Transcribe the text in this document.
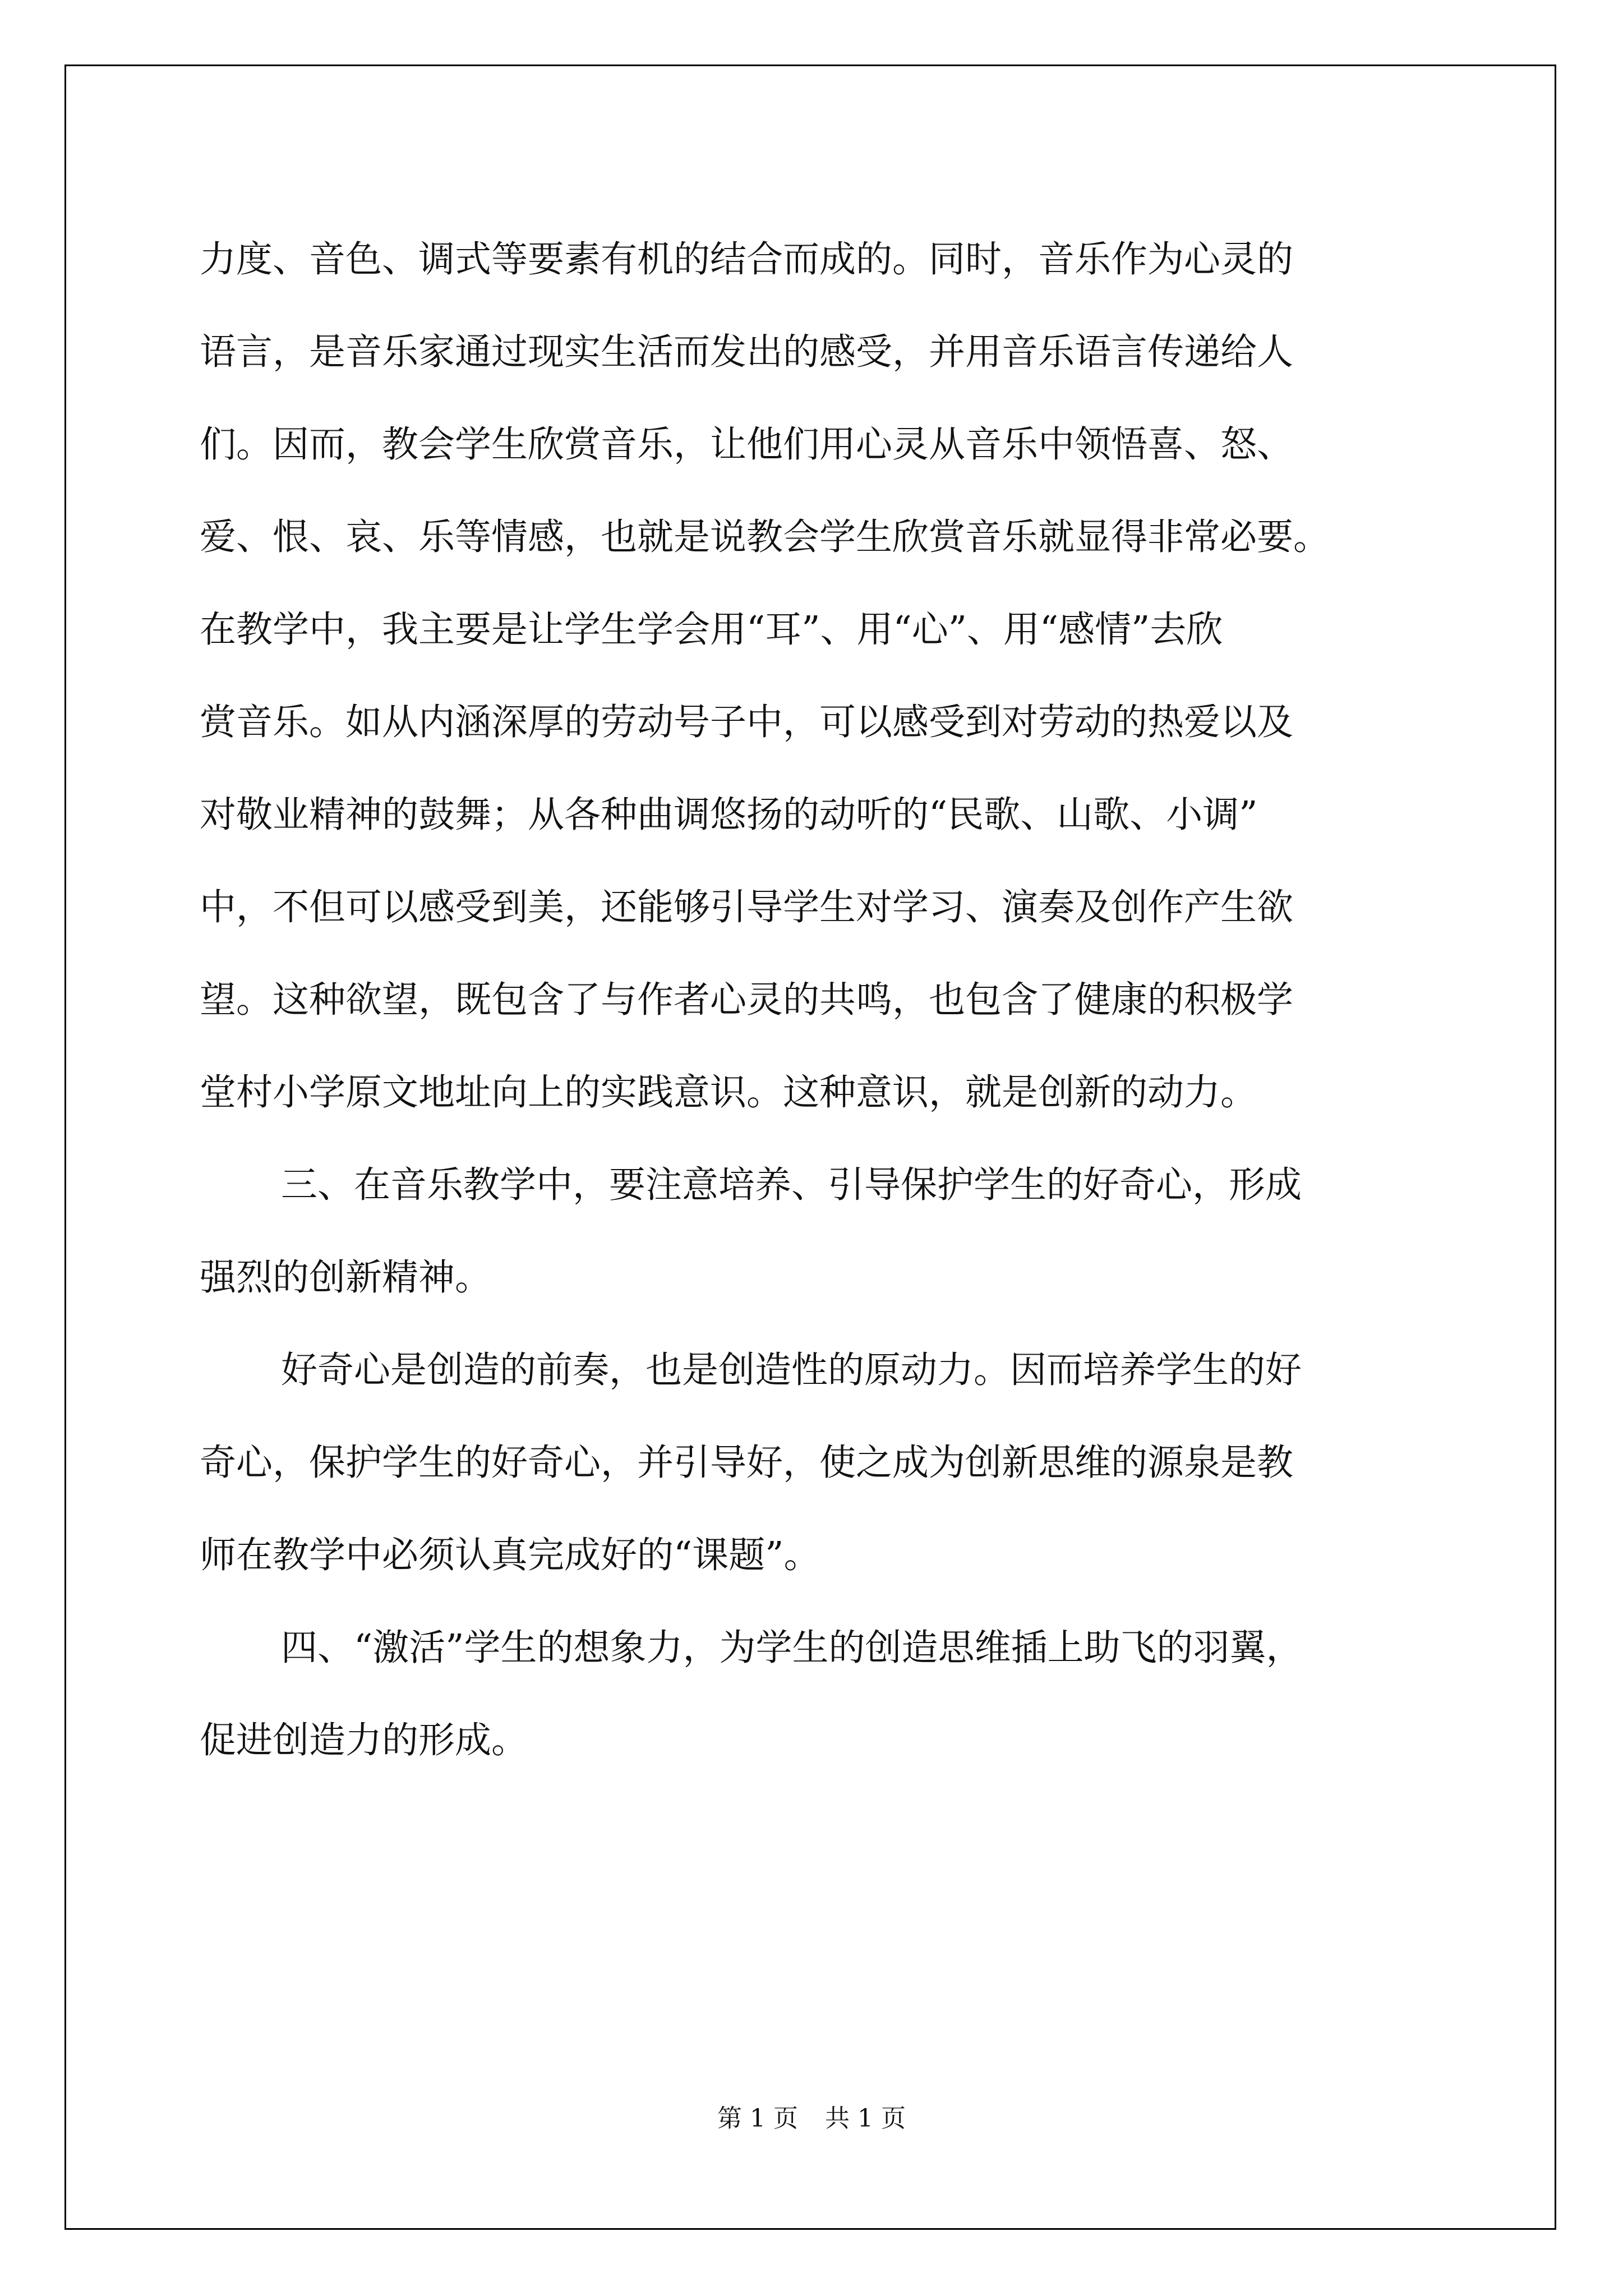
力度、音色、调式等要素有机的结合而成的。同时，音乐作为心灵的
语言，是音乐家通过现实生活而发出的感受，并用音乐语言传递给人
们。因而，教会学生欣赏音乐，让他们用心灵从音乐中领悟喜、怒、
爱、恨、哀、乐等情感，也就是说教会学生欣赏音乐就显得非常必要。
在教学中，我主要是让学生学会用“耳”、用“心”、用“感情”去欣
赏音乐。如从内涵深厚的劳动号子中，可以感受到对劳动的热爱以及
对敬业精神的鼓舞；从各种曲调悠扬的动听的“民歌、山歌、小调”
中，不但可以感受到美，还能够引导学生对学习、演奏及创作产生欲
望。这种欲望，既包含了与作者心灵的共鸣，也包含了健康的积极学
堂村小学原文地址向上的实践意识。这种意识，就是创新的动力。
三、在音乐教学中，要注意培养、引导保护学生的好奇心，形成
强烈的创新精神。
好奇心是创造的前奏，也是创造性的原动力。因而培养学生的好
奇心，保护学生的好奇心，并引导好，使之成为创新思维的源泉是教
师在教学中必须认真完成好的“课题”。
四、“激活”学生的想象力，为学生的创造思维插上助飞的羽翼，
促进创造力的形成。
第 1 页 共 1 页
